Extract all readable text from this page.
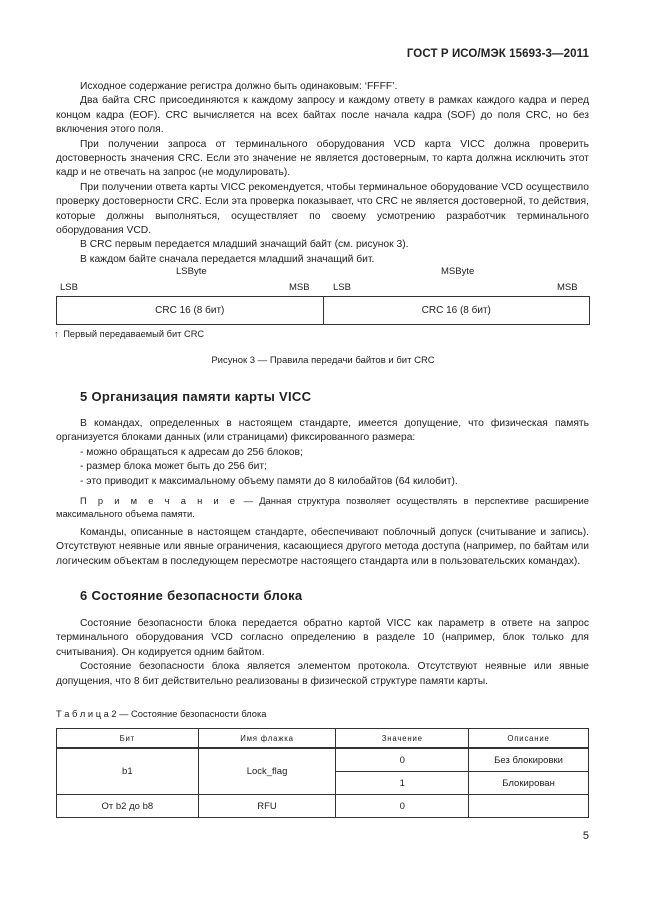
ГОСТ Р ИСО/МЭК 15693-3—2011

Исходное содержание регистра должно быть одинаковым: ‘FFFF’.

Два байта CRC присоединяются к каждому запросу и каждому ответу в рамках каждого кадра и перед концом кадра (EOF). CRC вычисляется на всех байтах после начала кадра (SOF) до поля CRC, но без включения этого поля.

При получении запроса от терминального оборудования VCD карта VICC должна проверить достоверность значения CRC. Если это значение не является достоверным, то карта должна исключить этот кадр и не отвечать на запрос (не модулировать).

При получении ответа карты VICC рекомендуется, чтобы терминальное оборудование VCD осуществило проверку достоверности CRC. Если эта проверка показывает, что CRC не является достоверной, то действия, которые должны выполняться, осуществляет по своему усмотрению разработчик терминального оборудования VCD.

В CRC первым передается младший значащий байт (см. рисунок 3).

В каждом байте сначала передается младший значащий бит.

LSByte	MSByte
LSB	MSB LSB	MSB
CRC 16 (8 бит)	CRC 16 (8 бит)
↑ Первый передаваемый бит CRC
Рисунок 3 — Правила передачи байтов и бит CRC
5 Организация памяти карты VICC

В командах, определенных в настоящем стандарте, имеется допущение, что физическая память организуется блоками данных (или страницами) фиксированного размера:

- можно обращаться к адресам до 256 блоков;

- размер блока может быть до 256 бит;

- это приводит к максимальному объему памяти до 8 килобайтов (64 килобит).

П р и м е ч а н и е — Данная структура позволяет осуществлять в перспективе расширение максимального объема памяти.

Команды, описанные в настоящем стандарте, обеспечивают поблочный допуск (считывание и запись). Отсутствуют неявные или явные ограничения, касающиеся другого метода доступа (например, по байтам или логическим объектам в последующем пересмотре настоящего стандарта или в пользовательских командах).

6 Состояние безопасности блока

Состояние безопасности блока передается обратно картой VICC как параметр в ответе на запрос терминального оборудования VCD согласно определению в разделе 10 (например, блок только для считывания). Он кодируется одним байтом.

Состояние безопасности блока является элементом протокола. Отсутствуют неявные или явные допущения, что 8 бит действительно реализованы в физической структуре памяти карты.

Т а б л и ц а 2 — Состояние безопасности блока
Бит	Имя флажка	Значение	Описание
b1	Lock_flag	0	Без блокировки
		1	Блокирован
От b2 до b8	RFU	0	
5
